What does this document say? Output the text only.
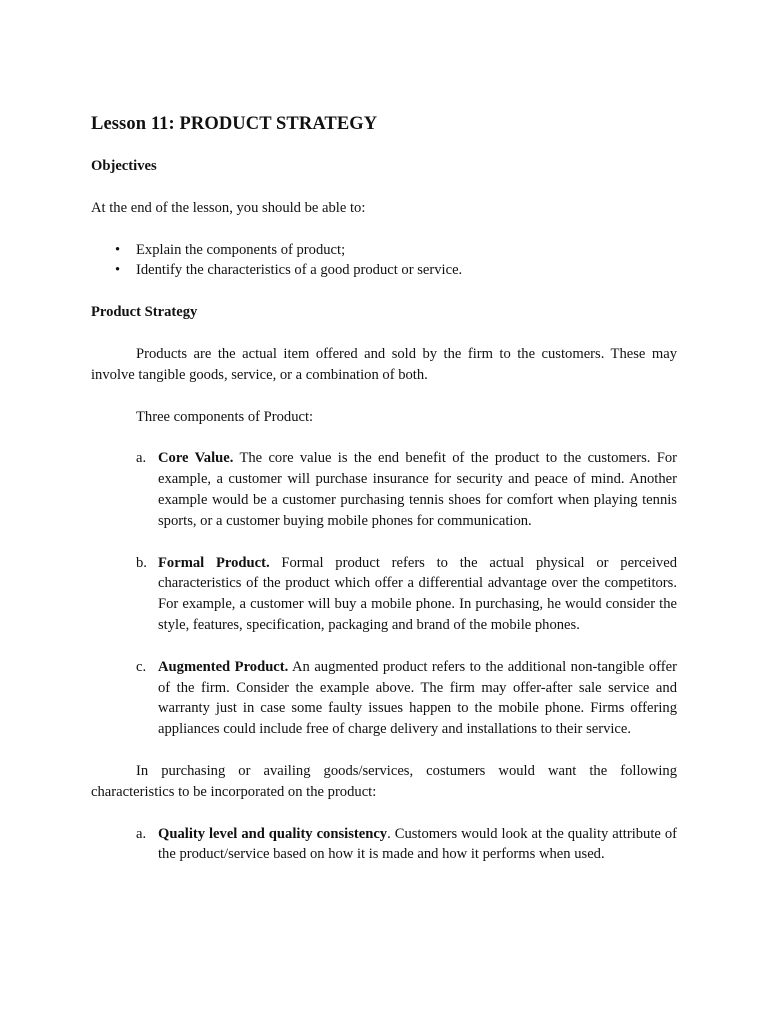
Lesson 11: PRODUCT STRATEGY
Objectives
At the end of the lesson, you should be able to:
• Explain the components of product;
• Identify the characteristics of a good product or service.
Product Strategy
Products are the actual item offered and sold by the firm to the customers. These may involve tangible goods, service, or a combination of both.
Three components of Product:
a. Core Value. The core value is the end benefit of the product to the customers. For example, a customer will purchase insurance for security and peace of mind. Another example would be a customer purchasing tennis shoes for comfort when playing tennis sports, or a customer buying mobile phones for communication.
b. Formal Product. Formal product refers to the actual physical or perceived characteristics of the product which offer a differential advantage over the competitors. For example, a customer will buy a mobile phone. In purchasing, he would consider the style, features, specification, packaging and brand of the mobile phones.
c. Augmented Product. An augmented product refers to the additional non-tangible offer of the firm. Consider the example above. The firm may offer-after sale service and warranty just in case some faulty issues happen to the mobile phone. Firms offering appliances could include free of charge delivery and installations to their service.
In purchasing or availing goods/services, costumers would want the following characteristics to be incorporated on the product:
a. Quality level and quality consistency. Customers would look at the quality attribute of the product/service based on how it is made and how it performs when used.
